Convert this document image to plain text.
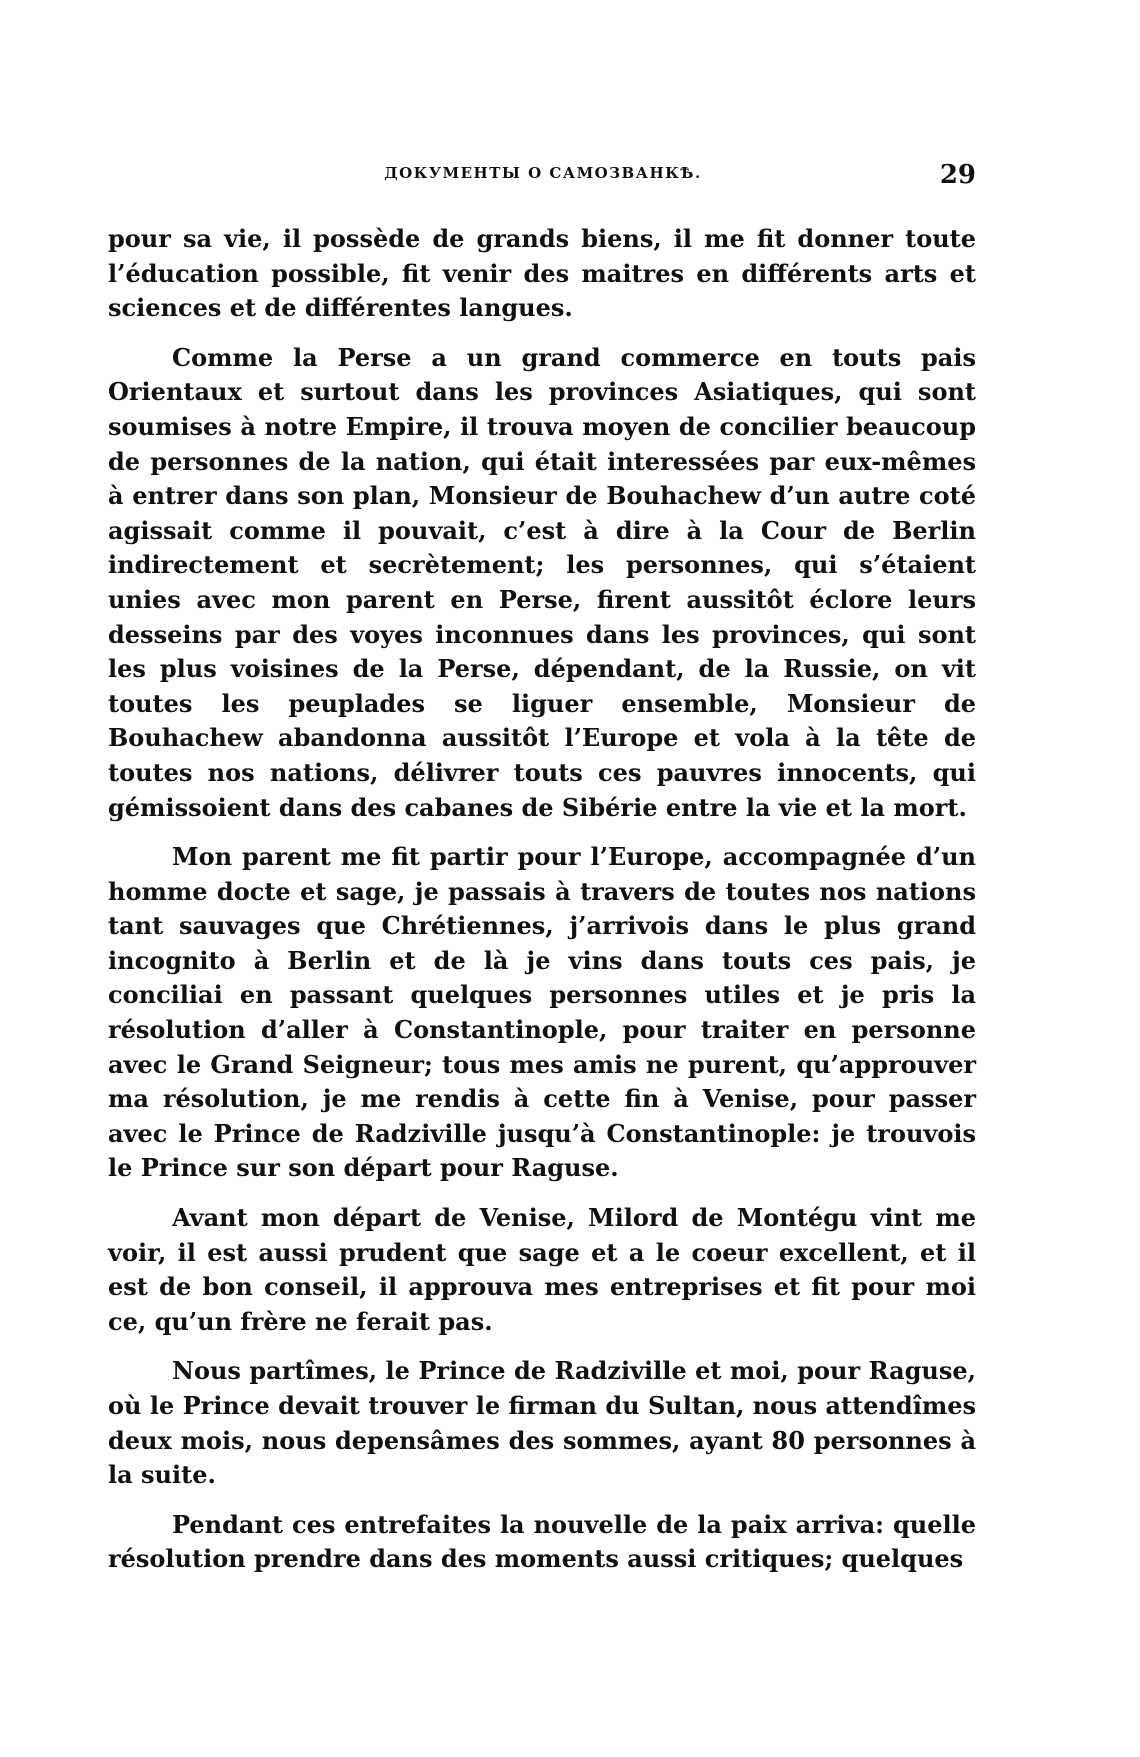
ДОКУМЕНТЫ О САМОЗВАНКѢ.	29

pour sa vie, il possède de grands biens, il me fit donner toute l’éducation possible, fit venir des maitres en différents arts et sciences et de différentes langues.

Comme la Perse a un grand commerce en touts pais Orientaux et surtout dans les provinces Asiatiques, qui sont soumises à notre Empire, il trouva moyen de concilier beaucoup de personnes de la nation, qui était interessées par eux-mêmes à entrer dans son plan, Monsieur de Bouhachew d’un autre coté agissait comme il pouvait, c’est à dire à la Cour de Berlin indirectement et secrètement; les personnes, qui s’étaient unies avec mon parent en Perse, firent aussitôt éclore leurs desseins par des voyes inconnues dans les provinces, qui sont les plus voisines de la Perse, dépendant, de la Russie, on vit toutes les peuplades se liguer ensemble, Monsieur de Bouhachew abandonna aussitôt l’Europe et vola à la tête de toutes nos nations, délivrer touts ces pauvres innocents, qui gémissoient dans des cabanes de Sibérie entre la vie et la mort.

Mon parent me fit partir pour l’Europe, accompagnée d’un homme docte et sage, je passais à travers de toutes nos nations tant sauvages que Chrétiennes, j’arrivois dans le plus grand incognito à Berlin et de là je vins dans touts ces pais, je conciliai en passant quelques personnes utiles et je pris la résolution d’aller à Constantinople, pour traiter en personne avec le Grand Seigneur; tous mes amis ne purent, qu’approuver ma résolution, je me rendis à cette fin à Venise, pour passer avec le Prince de Radziville jusqu’à Constantinople: je trouvois le Prince sur son départ pour Raguse.

Avant mon départ de Venise, Milord de Montégu vint me voir, il est aussi prudent que sage et a le coeur excellent, et il est de bon conseil, il approuva mes entreprises et fit pour moi ce, qu’un frère ne ferait pas.

Nous partîmes, le Prince de Radziville et moi, pour Raguse, où le Prince devait trouver le firman du Sultan, nous attendîmes deux mois, nous depensâmes des sommes, ayant 80 personnes à la suite.

Pendant ces entrefaites la nouvelle de la paix arriva: quelle résolution prendre dans des moments aussi critiques; quelques
